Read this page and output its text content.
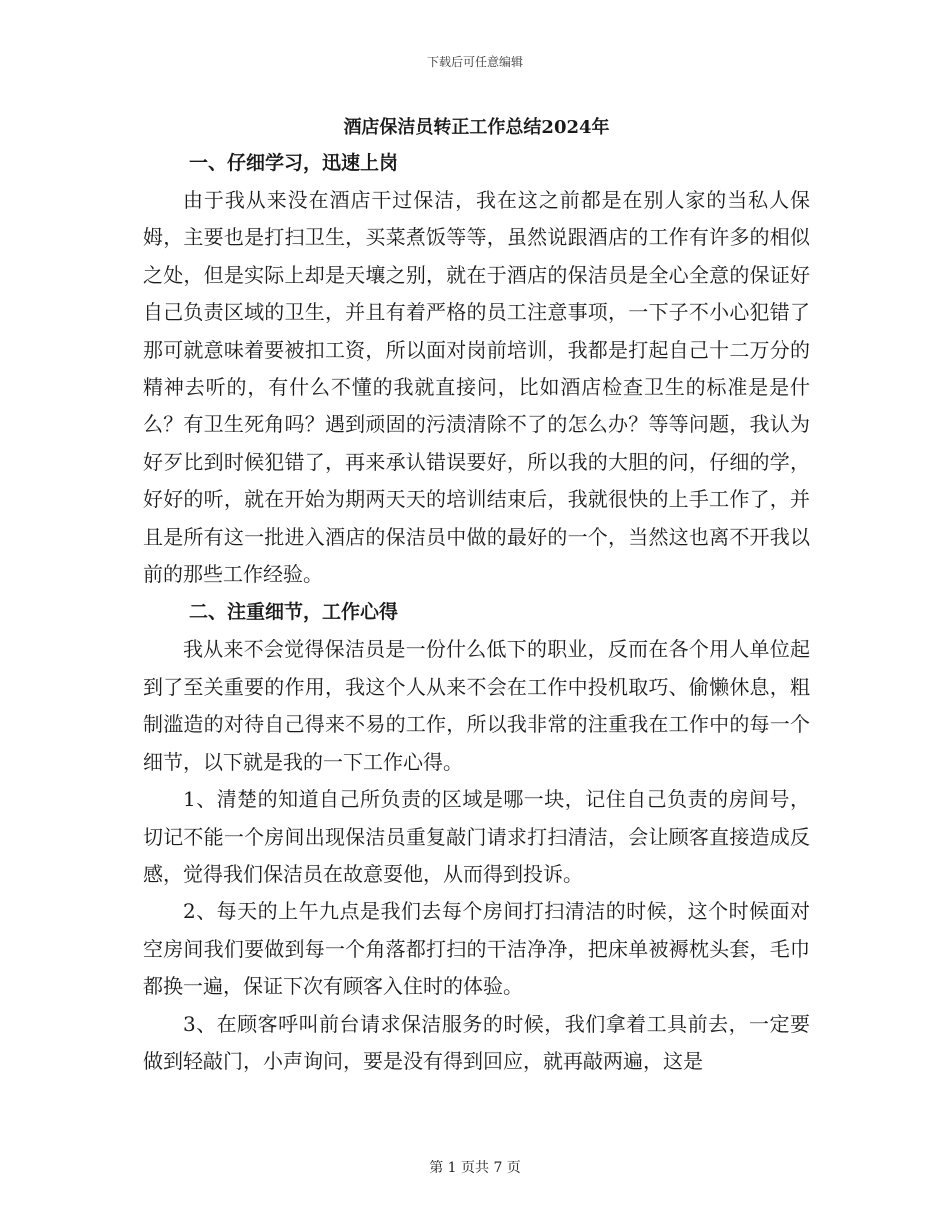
下载后可任意编辑
酒店保洁员转正工作总结2024年
一、仔细学习，迅速上岗
由于我从来没在酒店干过保洁，我在这之前都是在别人家的当私人保姆，主要也是打扫卫生，买菜煮饭等等，虽然说跟酒店的工作有许多的相似之处，但是实际上却是天壤之别，就在于酒店的保洁员是全心全意的保证好自己负责区域的卫生，并且有着严格的员工注意事项，一下子不小心犯错了那可就意味着要被扣工资，所以面对岗前培训，我都是打起自己十二万分的精神去听的，有什么不懂的我就直接问，比如酒店检查卫生的标准是是什么？有卫生死角吗？遇到顽固的污渍清除不了的怎么办？等等问题，我认为好歹比到时候犯错了，再来承认错误要好，所以我的大胆的问，仔细的学，好好的听，就在开始为期两天天的培训结束后，我就很快的上手工作了，并且是所有这一批进入酒店的保洁员中做的最好的一个，当然这也离不开我以前的那些工作经验。
二、注重细节，工作心得
我从来不会觉得保洁员是一份什么低下的职业，反而在各个用人单位起到了至关重要的作用，我这个人从来不会在工作中投机取巧、偷懒休息，粗制滥造的对待自己得来不易的工作，所以我非常的注重我在工作中的每一个细节，以下就是我的一下工作心得。
1、清楚的知道自己所负责的区域是哪一块，记住自己负责的房间号，切记不能一个房间出现保洁员重复敲门请求打扫清洁，会让顾客直接造成反感，觉得我们保洁员在故意耍他，从而得到投诉。
2、每天的上午九点是我们去每个房间打扫清洁的时候，这个时候面对空房间我们要做到每一个角落都打扫的干洁净净，把床单被褥枕头套，毛巾都换一遍，保证下次有顾客入住时的体验。
3、在顾客呼叫前台请求保洁服务的时候，我们拿着工具前去，一定要做到轻敲门，小声询问，要是没有得到回应，就再敲两遍，这是
第 1 页共 7 页
